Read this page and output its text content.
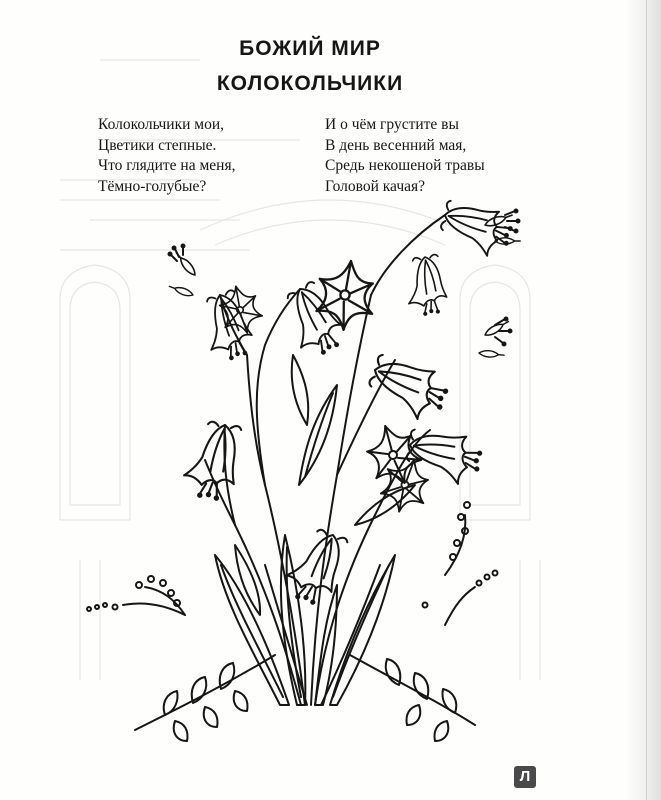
БОЖИЙ МИР
КОЛОКОЛЬЧИКИ
Колокольчики мои,
Цветики степные.
Что глядите на меня,
Тёмно-голубые?
И о чём грустите вы
В день весенний мая,
Средь некошеной травы
Головой качая?
Л
